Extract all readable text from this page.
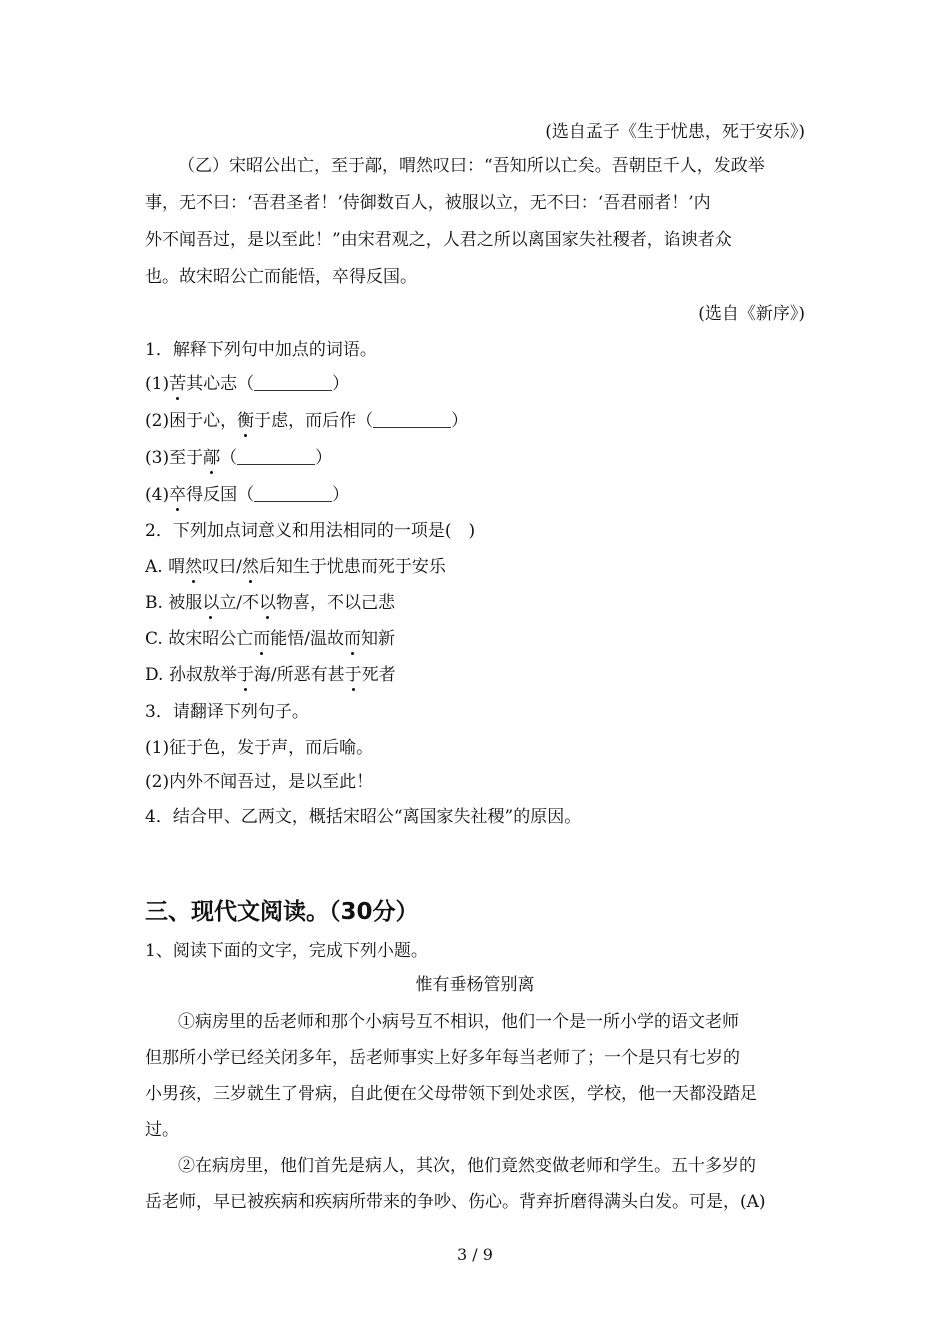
(选自孟子《生于忧患，死于安乐》)
（乙）宋昭公出亡，至于鄗，喟然叹曰：“吾知所以亡矣。吾朝臣千人，发政举
事，无不曰：‘吾君圣者！’侍御数百人，被服以立，无不曰：‘吾君丽者！’内
外不闻吾过，是以至此！”由宋君观之，人君之所以离国家失社稷者，谄谀者众
也。故宋昭公亡而能悟，卒得反国。
(选自《新序》)
1．解释下列句中加点的词语。
(1)苦其心志（	）
(2)困于心，衡于虑，而后作（	）
(3)至于鄗（	）
(4)卒得反国（	）
2．下列加点词意义和用法相同的一项是(　)
A. 喟然叹曰/然后知生于忧患而死于安乐
B. 被服以立/不以物喜，不以己悲
C. 故宋昭公亡而能悟/温故而知新
D. 孙叔敖举于海/所恶有甚于死者
3．请翻译下列句子。
(1)征于色，发于声，而后喻。
(2)内外不闻吾过，是以至此！
4．结合甲、乙两文，概括宋昭公“离国家失社稷”的原因。
三、现代文阅读。（30分）
1、阅读下面的文字，完成下列小题。
惟有垂杨管别离
①病房里的岳老师和那个小病号互不相识，他们一个是一所小学的语文老师
但那所小学已经关闭多年，岳老师事实上好多年每当老师了；一个是只有七岁的
小男孩，三岁就生了骨病，自此便在父母带领下到处求医，学校，他一天都没踏足
过。
②在病房里，他们首先是病人，其次，他们竟然变做老师和学生。五十多岁的
岳老师，早已被疾病和疾病所带来的争吵、伤心。背弃折磨得满头白发。可是，(A)
3 / 9
